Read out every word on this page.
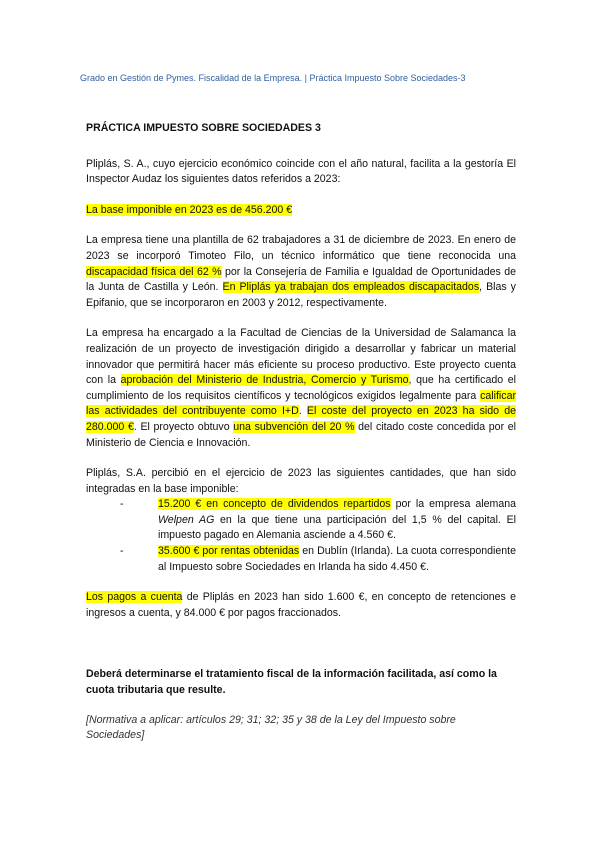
Grado en Gestión de Pymes. Fiscalidad de la Empresa. | Práctica Impuesto Sobre Sociedades-3

PRÁCTICA IMPUESTO SOBRE SOCIEDADES 3

Pliplás, S. A., cuyo ejercicio económico coincide con el año natural, facilita a la gestoría El Inspector Audaz los siguientes datos referidos a 2023:

La base imponible en 2023 es de 456.200 €

La empresa tiene una plantilla de 62 trabajadores a 31 de diciembre de 2023. En enero de 2023 se incorporó Timoteo Filo, un técnico informático que tiene reconocida una discapacidad física del 62 % por la Consejería de Familia e Igualdad de Oportunidades de la Junta de Castilla y León. En Pliplás ya trabajan dos empleados discapacitados, Blas y Epifanio, que se incorporaron en 2003 y 2012, respectivamente.

La empresa ha encargado a la Facultad de Ciencias de la Universidad de Salamanca la realización de un proyecto de investigación dirigido a desarrollar y fabricar un material innovador que permitirá hacer más eficiente su proceso productivo. Este proyecto cuenta con la aprobación del Ministerio de Industria, Comercio y Turismo, que ha certificado el cumplimiento de los requisitos científicos y tecnológicos exigidos legalmente para calificar las actividades del contribuyente como I+D. El coste del proyecto en 2023 ha sido de 280.000 €. El proyecto obtuvo una subvención del 20 % del citado coste concedida por el Ministerio de Ciencia e Innovación.

Pliplás, S.A. percibió en el ejercicio de 2023 las siguientes cantidades, que han sido integradas en la base imponible:

-	15.200 € en concepto de dividendos repartidos por la empresa alemana Welpen AG en la que tiene una participación del 1,5 % del capital. El impuesto pagado en Alemania asciende a 4.560 €.
-	35.600 € por rentas obtenidas en Dublín (Irlanda). La cuota correspondiente al Impuesto sobre Sociedades en Irlanda ha sido 4.450 €.

Los pagos a cuenta de Pliplás en 2023 han sido 1.600 €, en concepto de retenciones e ingresos a cuenta, y 84.000 € por pagos fraccionados.

Deberá determinarse el tratamiento fiscal de la información facilitada, así como la cuota tributaria que resulte.

[Normativa a aplicar: artículos 29; 31; 32; 35 y 38 de la Ley del Impuesto sobre Sociedades]
